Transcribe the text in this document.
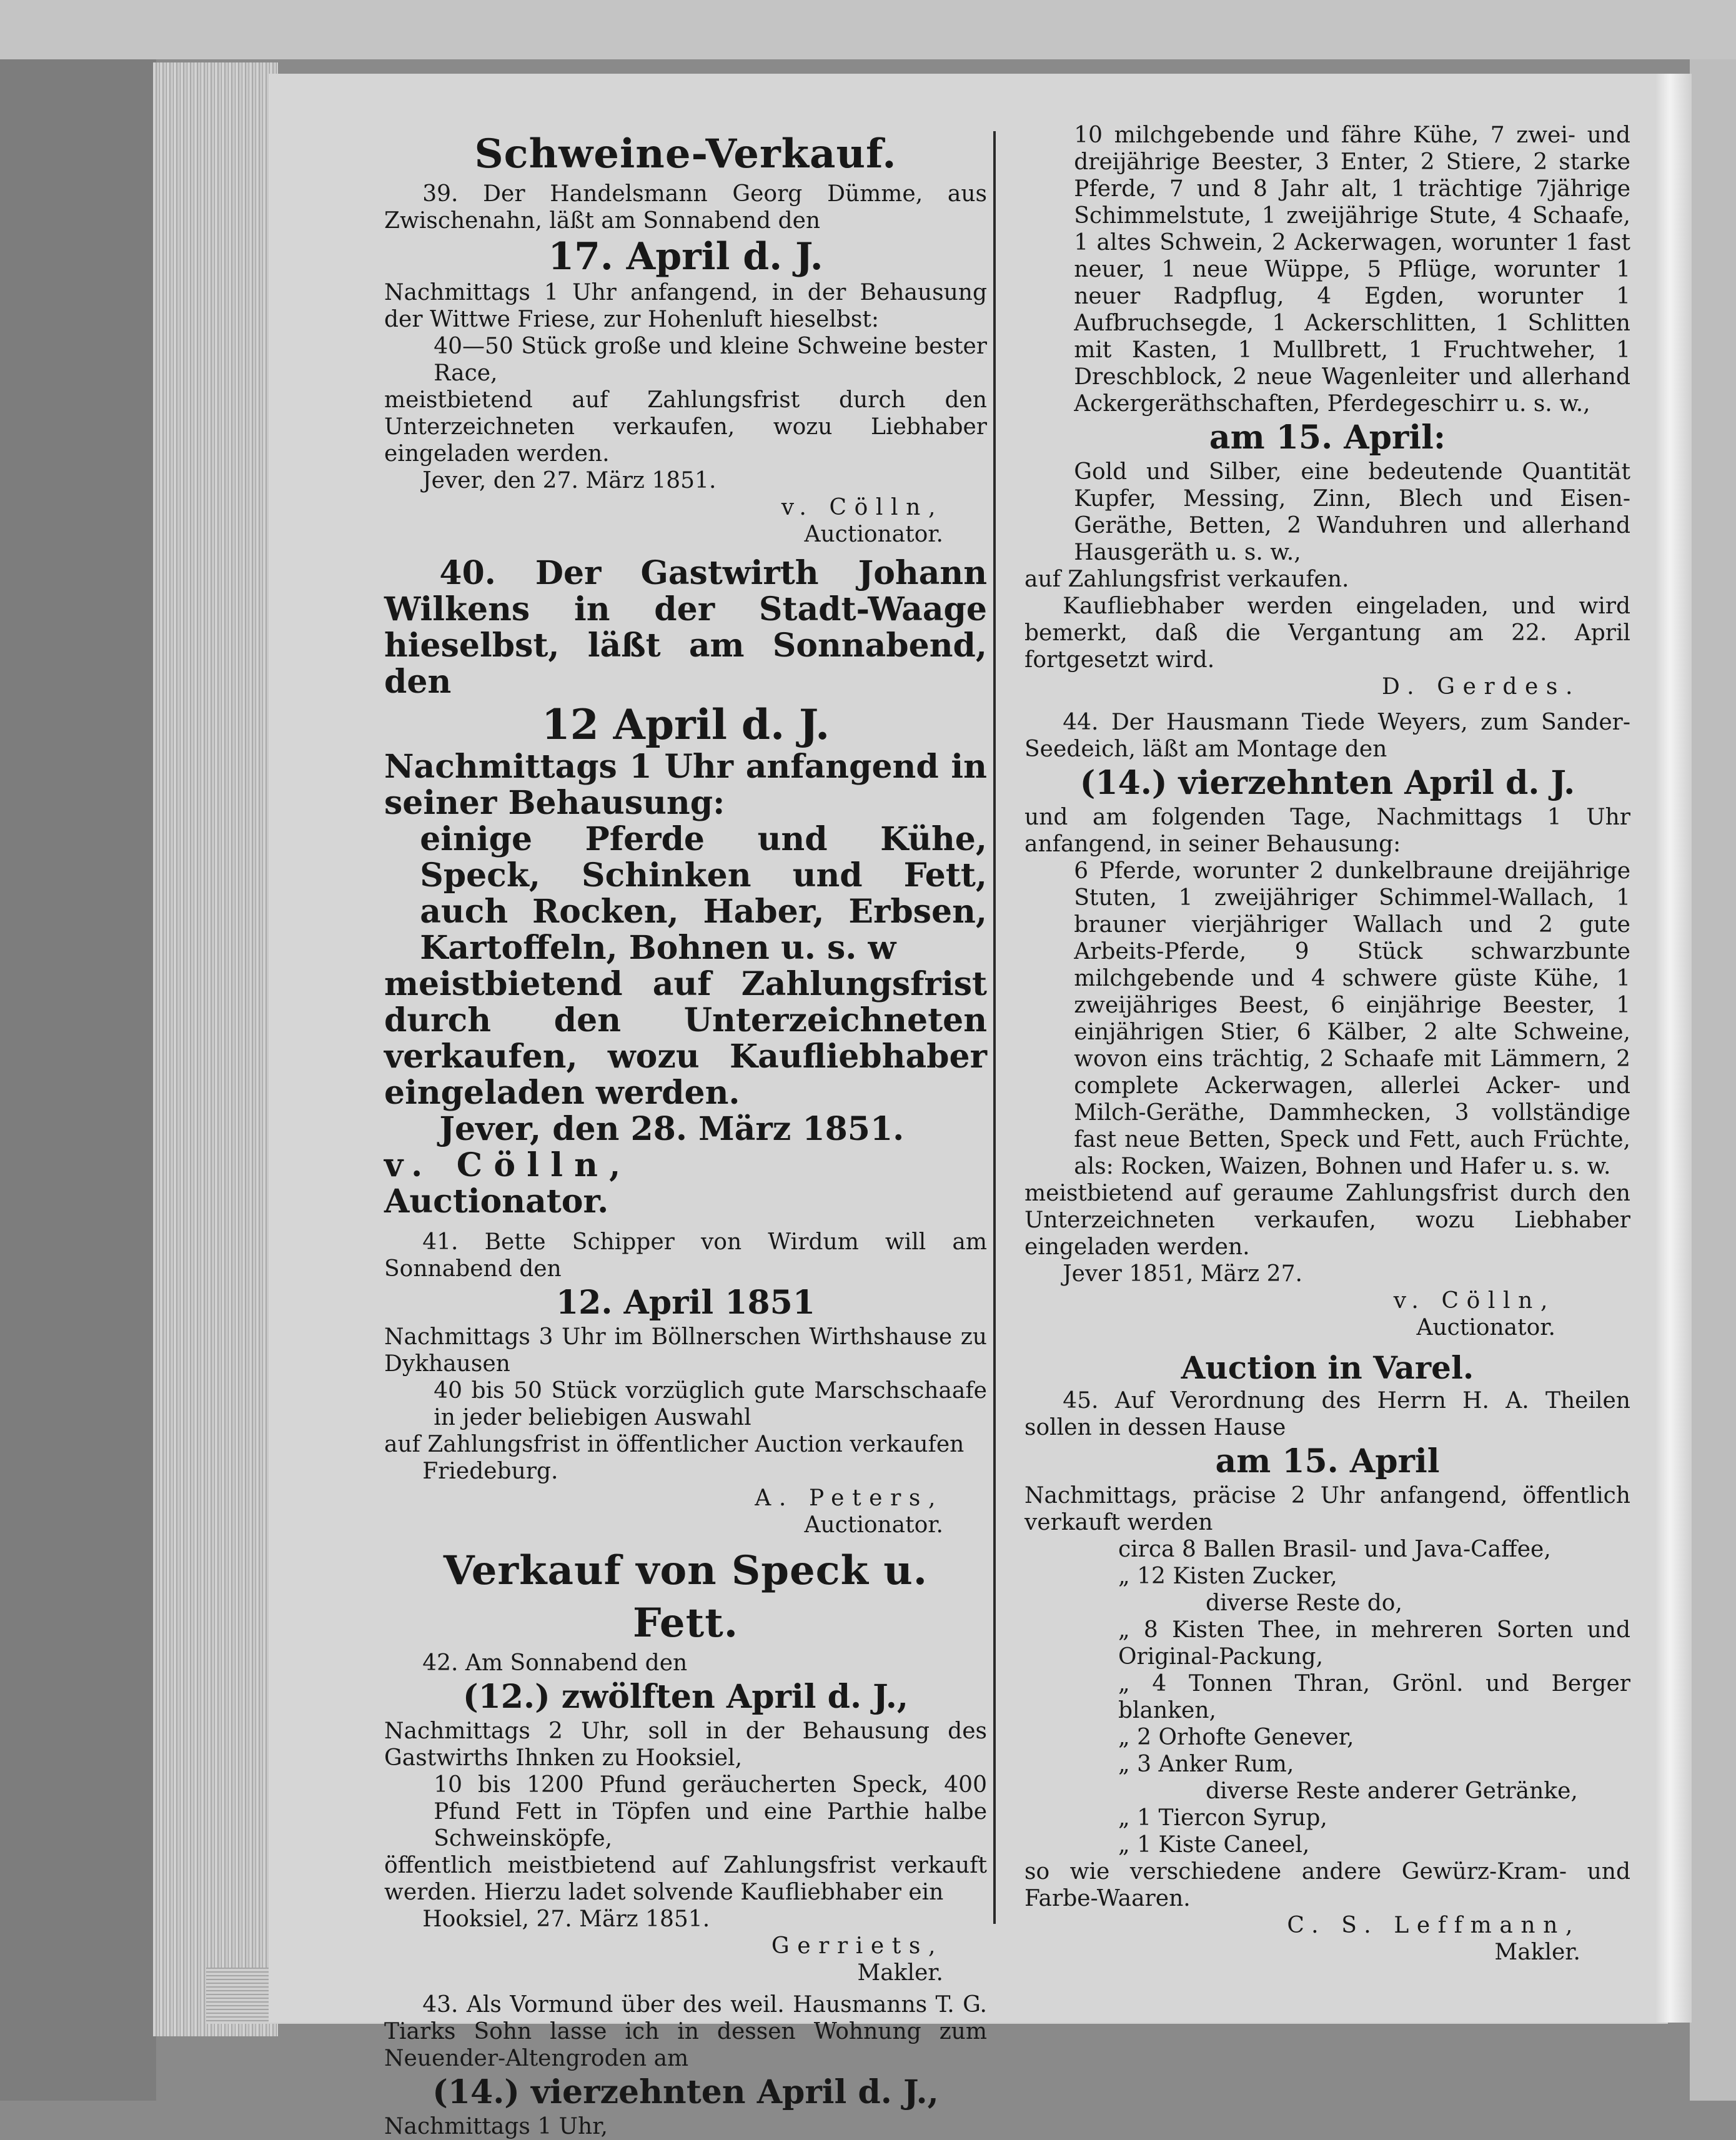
Schweine-Verkauf.
39. Der Handelsmann Georg Dümme, aus Zwischenahn, läßt am Sonnabend den
17. April d. J.
Nachmittags 1 Uhr anfangend, in der Behausung der Wittwe Friese, zur Hohenluft hieselbst:
40—50 Stück große und kleine Schweine bester Race,
meistbietend auf Zahlungsfrist durch den Unterzeichneten verkaufen, wozu Liebhaber eingeladen werden.
Jever, den 27. März 1851.
v. Cölln,
Auctionator.
40. Der Gastwirth Johann Wilkens in der Stadt-Waage hieselbst, läßt am Sonnabend, den
12 April d. J.
Nachmittags 1 Uhr anfangend in seiner Behausung:
einige Pferde und Kühe, Speck, Schinken und Fett, auch Rocken, Haber, Erbsen, Kartoffeln, Bohnen u. s. w
meistbietend auf Zahlungsfrist durch den Unterzeichneten verkaufen, wozu Kaufliebhaber eingeladen werden.
Jever, den 28. März 1851.
v. Cölln,
Auctionator.
41. Bette Schipper von Wirdum will am Sonnabend den
12. April 1851
Nachmittags 3 Uhr im Böllnerschen Wirthshause zu Dykhausen
40 bis 50 Stück vorzüglich gute Marschschaafe in jeder beliebigen Auswahl
auf Zahlungsfrist in öffentlicher Auction verkaufen
Friedeburg.
A. Peters,
Auctionator.
Verkauf von Speck u. Fett.
42. Am Sonnabend den
(12.) zwölften April d. J.,
Nachmittags 2 Uhr, soll in der Behausung des Gastwirths Ihnken zu Hooksiel,
10 bis 1200 Pfund geräucherten Speck, 400 Pfund Fett in Töpfen und eine Parthie halbe Schweinsköpfe,
öffentlich meistbietend auf Zahlungsfrist verkauft werden. Hierzu ladet solvende Kaufliebhaber ein
Hooksiel, 27. März 1851.
Gerriets,
Makler.
43. Als Vormund über des weil. Hausmanns T. G. Tiarks Sohn lasse ich in dessen Wohnung zum Neuender-Altengroden am
(14.) vierzehnten April d. J.,
Nachmittags 1 Uhr,
10 milchgebende und fähre Kühe, 7 zwei- und dreijährige Beester, 3 Enter, 2 Stiere, 2 starke Pferde, 7 und 8 Jahr alt, 1 trächtige 7jährige Schimmelstute, 1 zweijährige Stute, 4 Schaafe, 1 altes Schwein, 2 Ackerwagen, worunter 1 fast neuer, 1 neue Wüppe, 5 Pflüge, worunter 1 neuer Radpflug, 4 Egden, worunter 1 Aufbruchsegde, 1 Ackerschlitten, 1 Schlitten mit Kasten, 1 Mullbrett, 1 Fruchtweher, 1 Dreschblock, 2 neue Wagenleiter und allerhand Ackergeräthschaften, Pferdegeschirr u. s. w.,
am 15. April:
Gold und Silber, eine bedeutende Quantität Kupfer, Messing, Zinn, Blech und Eisen-Geräthe, Betten, 2 Wanduhren und allerhand Hausgeräth u. s. w.,
auf Zahlungsfrist verkaufen.
Kaufliebhaber werden eingeladen, und wird bemerkt, daß die Vergantung am 22. April fortgesetzt wird.
D. Gerdes.
44. Der Hausmann Tiede Weyers, zum Sander-Seedeich, läßt am Montage den
(14.) vierzehnten April d. J.
und am folgenden Tage, Nachmittags 1 Uhr anfangend, in seiner Behausung:
6 Pferde, worunter 2 dunkelbraune dreijährige Stuten, 1 zweijähriger Schimmel-Wallach, 1 brauner vierjähriger Wallach und 2 gute Arbeits-Pferde, 9 Stück schwarzbunte milchgebende und 4 schwere güste Kühe, 1 zweijähriges Beest, 6 einjährige Beester, 1 einjährigen Stier, 6 Kälber, 2 alte Schweine, wovon eins trächtig, 2 Schaafe mit Lämmern, 2 complete Ackerwagen, allerlei Acker- und Milch-Geräthe, Dammhecken, 3 vollständige fast neue Betten, Speck und Fett, auch Früchte, als: Rocken, Waizen, Bohnen und Hafer u. s. w.
meistbietend auf geraume Zahlungsfrist durch den Unterzeichneten verkaufen, wozu Liebhaber eingeladen werden.
Jever 1851, März 27.
v. Cölln,
Auctionator.
Auction in Varel.
45. Auf Verordnung des Herrn H. A. Theilen sollen in dessen Hause
am 15. April
Nachmittags, präcise 2 Uhr anfangend, öffentlich verkauft werden
circa 8 Ballen Brasil- und Java-Caffee,
„ 12 Kisten Zucker,
diverse Reste do,
„ 8 Kisten Thee, in mehreren Sorten und Original-Packung,
„ 4 Tonnen Thran, Grönl. und Berger blanken,
„ 2 Orhofte Genever,
„ 3 Anker Rum,
diverse Reste anderer Getränke,
„ 1 Tiercon Syrup,
„ 1 Kiste Caneel,
so wie verschiedene andere Gewürz-Kram- und Farbe-Waaren.
C. S. Leffmann,
Makler.
